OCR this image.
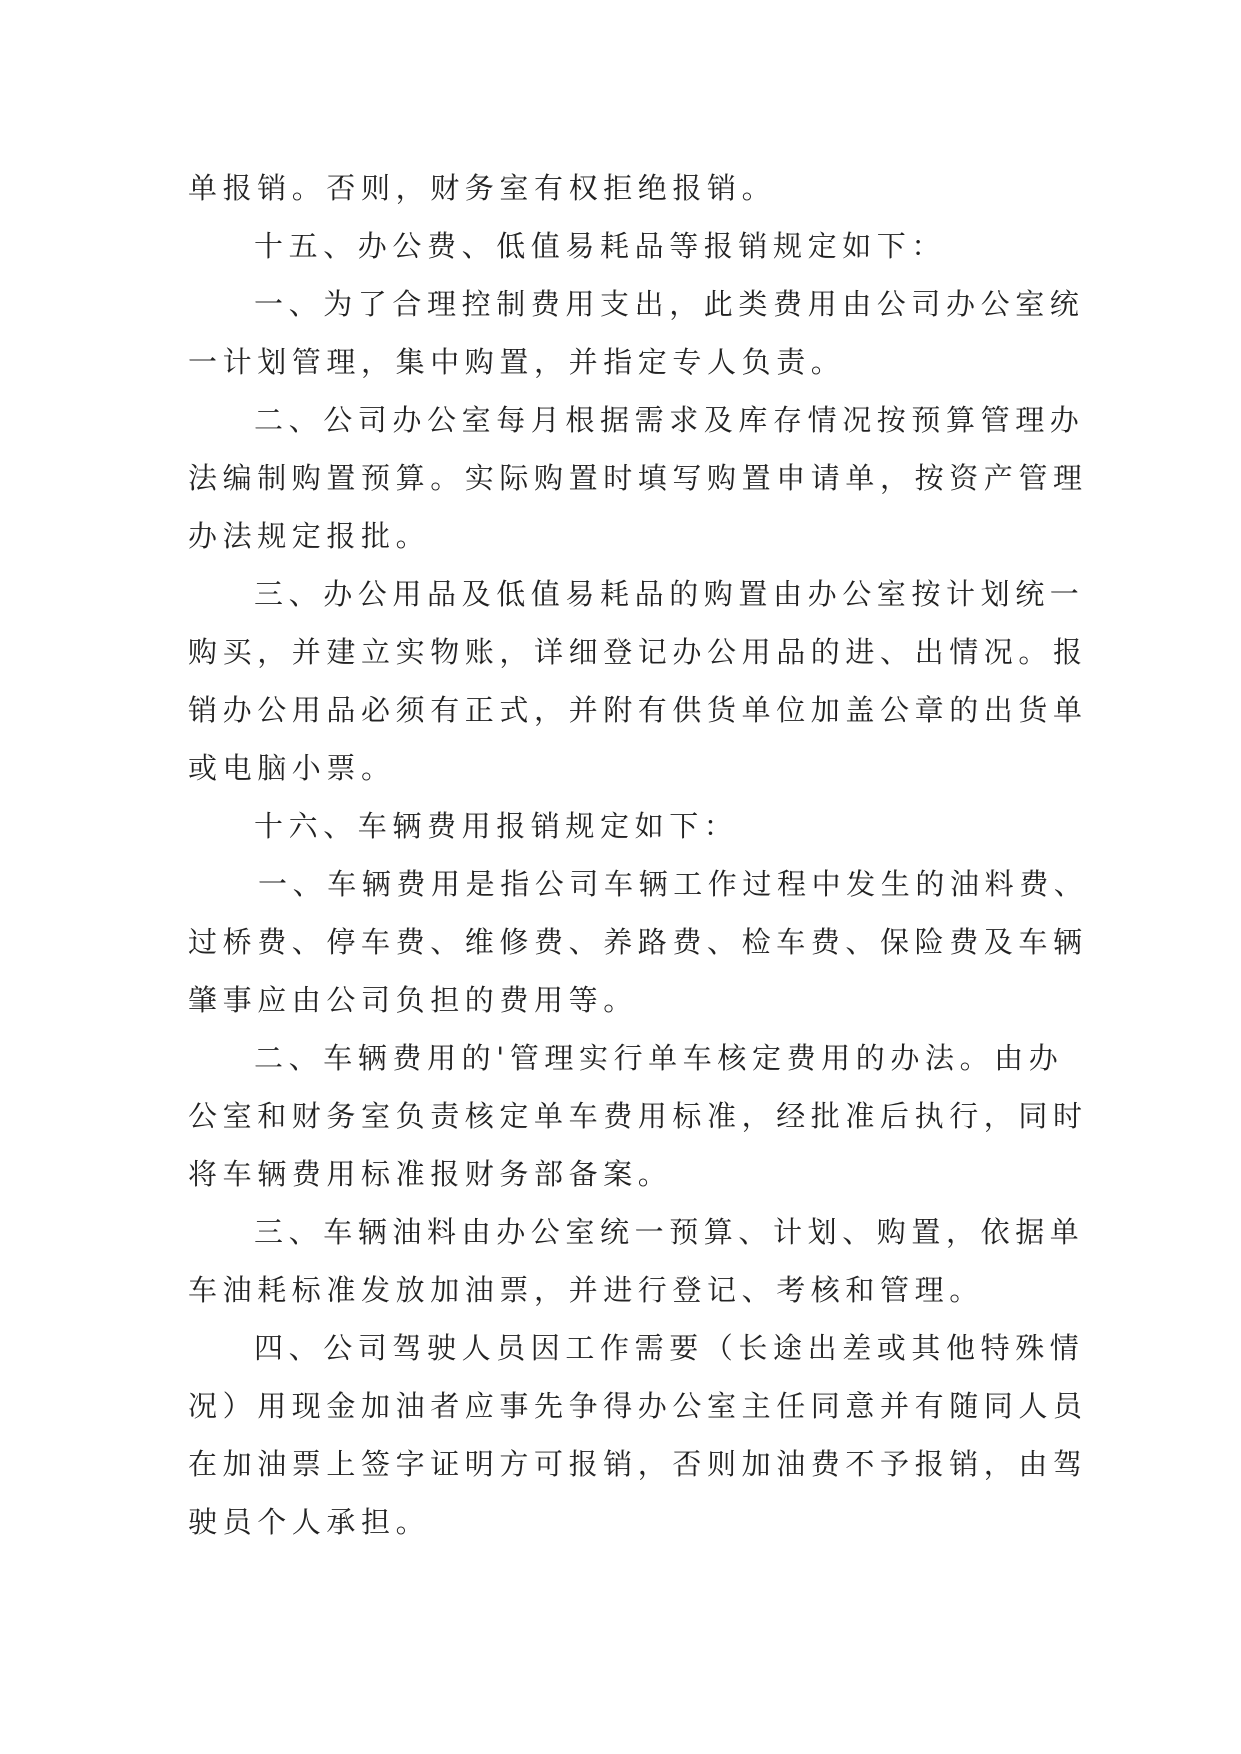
单报销。否则，财务室有权拒绝报销。
十五、办公费、低值易耗品等报销规定如下：
一、为了合理控制费用支出，此类费用由公司办公室统
一计划管理，集中购置，并指定专人负责。
二、公司办公室每月根据需求及库存情况按预算管理办
法编制购置预算。实际购置时填写购置申请单，按资产管理
办法规定报批。
三、办公用品及低值易耗品的购置由办公室按计划统一
购买，并建立实物账，详细登记办公用品的进、出情况。报
销办公用品必须有正式，并附有供货单位加盖公章的出货单
或电脑小票。
十六、车辆费用报销规定如下：
一、车辆费用是指公司车辆工作过程中发生的油料费、
过桥费、停车费、维修费、养路费、检车费、保险费及车辆
肇事应由公司负担的费用等。
二、车辆费用的'管理实行单车核定费用的办法。由办
公室和财务室负责核定单车费用标准，经批准后执行，同时
将车辆费用标准报财务部备案。
三、车辆油料由办公室统一预算、计划、购置，依据单
车油耗标准发放加油票，并进行登记、考核和管理。
四、公司驾驶人员因工作需要（长途出差或其他特殊情
况）用现金加油者应事先争得办公室主任同意并有随同人员
在加油票上签字证明方可报销，否则加油费不予报销，由驾
驶员个人承担。
